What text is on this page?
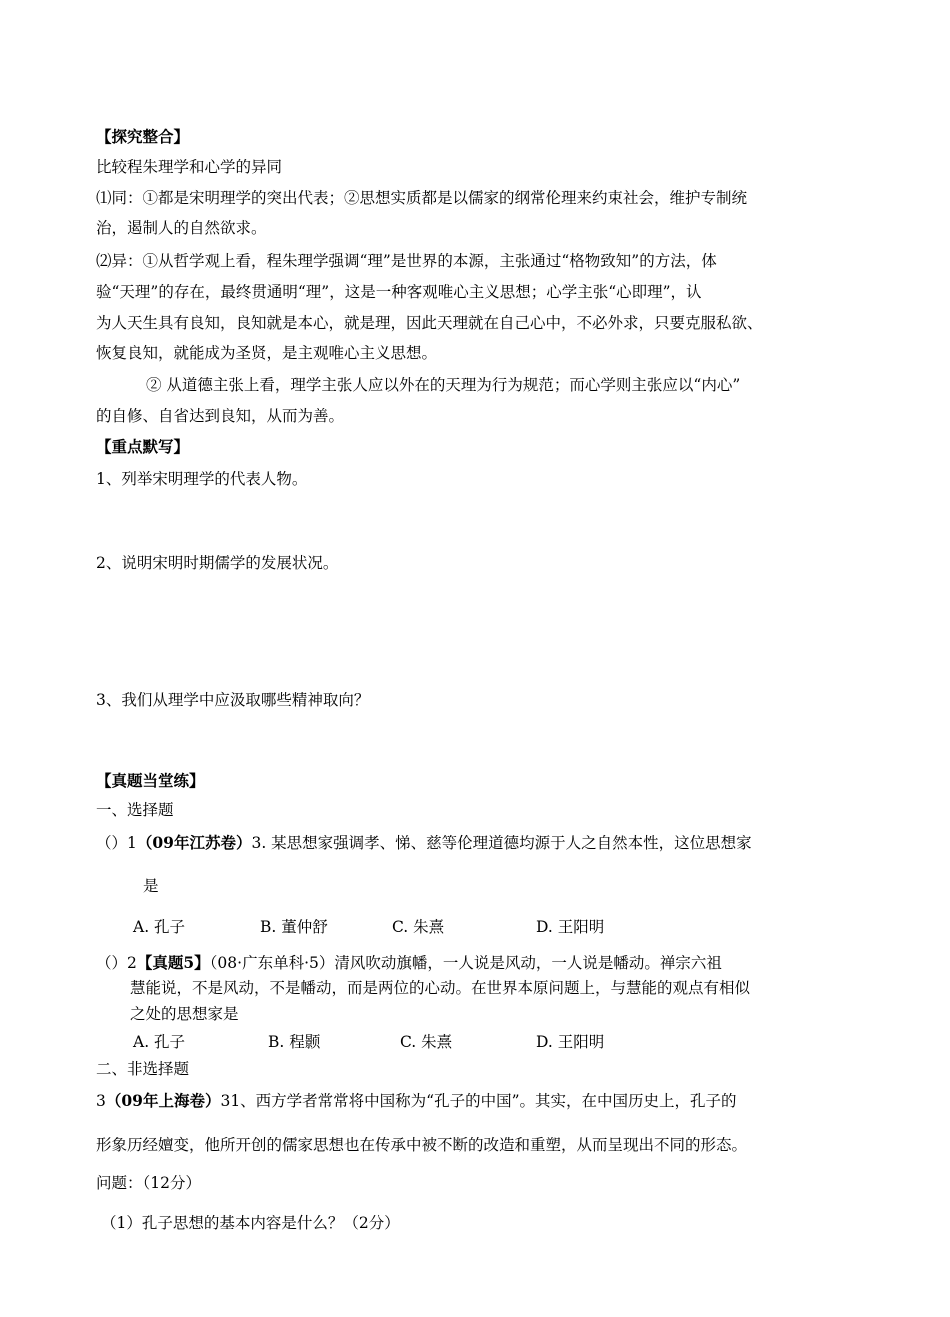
【探究整合】
比较程朱理学和心学的异同
⑴同：①都是宋明理学的突出代表；②思想实质都是以儒家的纲常伦理来约束社会，维护专制统
治，遏制人的自然欲求。
⑵异：①从哲学观上看，程朱理学强调“理”是世界的本源，主张通过“格物致知”的方法，体
验“天理”的存在，最终贯通明“理”，这是一种客观唯心主义思想；心学主张“心即理”，认
为人天生具有良知，良知就是本心，就是理，因此天理就在自己心中，不必外求，只要克服私欲、
恢复良知，就能成为圣贤，是主观唯心主义思想。
② 从道德主张上看，理学主张人应以外在的天理为行为规范；而心学则主张应以“内心”
的自修、自省达到良知，从而为善。
【重点默写】
1、列举宋明理学的代表人物。
2、说明宋明时期儒学的发展状况。
3、我们从理学中应汲取哪些精神取向？
【真题当堂练】
一、选择题
（）1（09年江苏卷）3. 某思想家强调孝、悌、慈等伦理道德均源于人之自然本性，这位思想家
是
A. 孔子	B. 董仲舒	C. 朱熹	D. 王阳明
（）2【真题5】（08·广东单科·5）清风吹动旗幡，一人说是风动，一人说是幡动。禅宗六祖
慧能说，不是风动，不是幡动，而是两位的心动。在世界本原问题上，与慧能的观点有相似
之处的思想家是
A. 孔子	B. 程颢	C. 朱熹	D. 王阳明
二、非选择题
3（09年上海卷）31、西方学者常常将中国称为“孔子的中国”。其实，在中国历史上，孔子的
形象历经嬗变，他所开创的儒家思想也在传承中被不断的改造和重塑，从而呈现出不同的形态。
问题：（12分）
（1）孔子思想的基本内容是什么？（2分）
